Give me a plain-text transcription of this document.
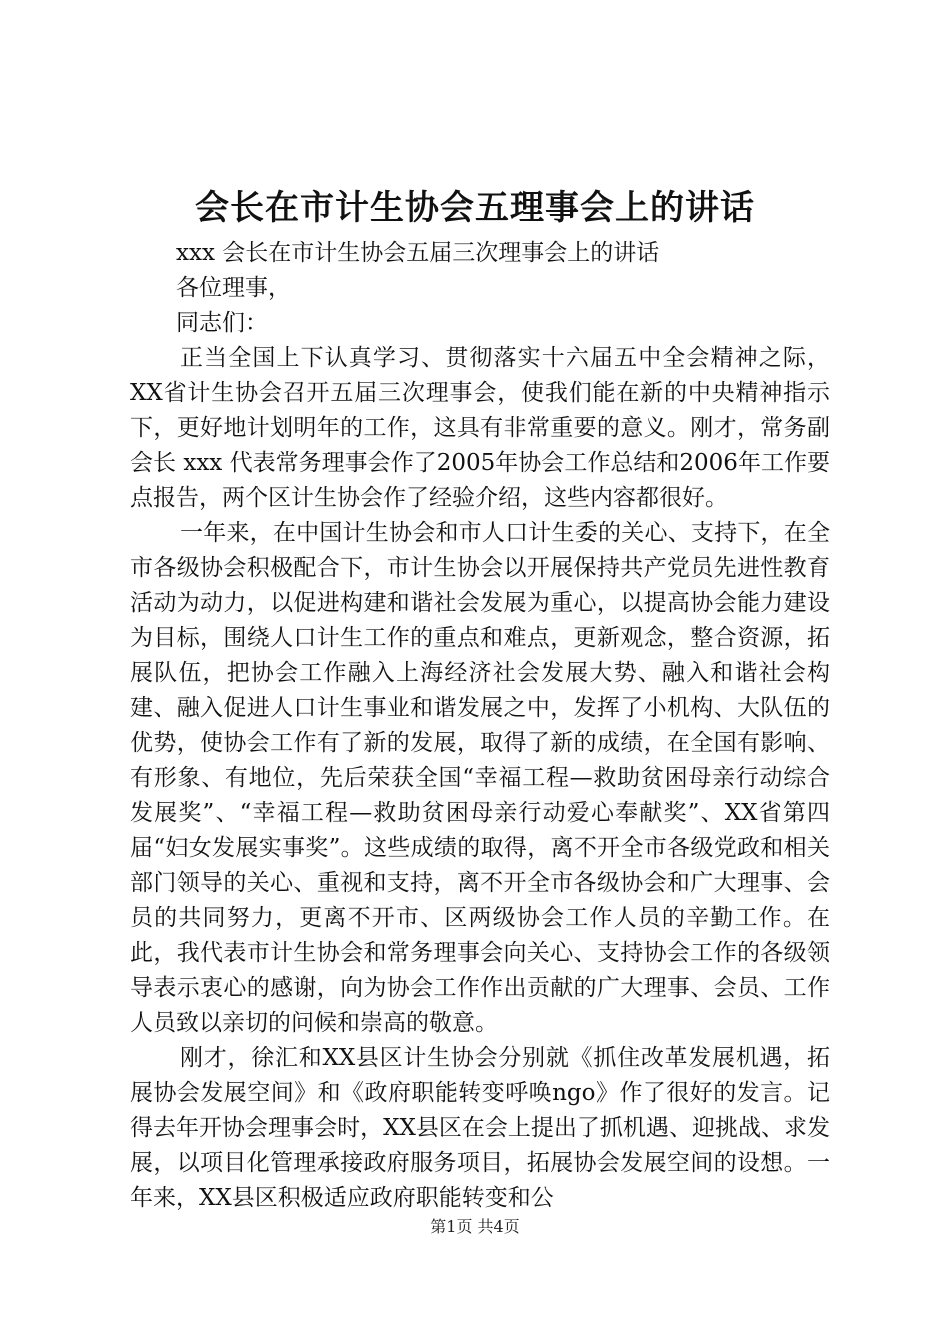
会长在市计生协会五理事会上的讲话

xxx 会长在市计生协会五届三次理事会上的讲话

各位理事，

同志们：

正当全国上下认真学习、贯彻落实十六届五中全会精神之际，XX省计生协会召开五届三次理事会，使我们能在新的中央精神指示下，更好地计划明年的工作，这具有非常重要的意义。刚才，常务副会长 xxx 代表常务理事会作了2005年协会工作总结和2006年工作要点报告，两个区计生协会作了经验介绍，这些内容都很好。

一年来，在中国计生协会和市人口计生委的关心、支持下，在全市各级协会积极配合下，市计生协会以开展保持共产党员先进性教育活动为动力，以促进构建和谐社会发展为重心，以提高协会能力建设为目标，围绕人口计生工作的重点和难点，更新观念，整合资源，拓展队伍，把协会工作融入上海经济社会发展大势、融入和谐社会构建、融入促进人口计生事业和谐发展之中，发挥了小机构、大队伍的优势，使协会工作有了新的发展，取得了新的成绩，在全国有影响、有形象、有地位，先后荣获全国“幸福工程—救助贫困母亲行动综合发展奖”、“幸福工程—救助贫困母亲行动爱心奉献奖”、XX省第四届“妇女发展实事奖”。这些成绩的取得，离不开全市各级党政和相关部门领导的关心、重视和支持，离不开全市各级协会和广大理事、会员的共同努力，更离不开市、区两级协会工作人员的辛勤工作。在此，我代表市计生协会和常务理事会向关心、支持协会工作的各级领导表示衷心的感谢，向为协会工作作出贡献的广大理事、会员、工作人员致以亲切的问候和崇高的敬意。

刚才，徐汇和XX县区计生协会分别就《抓住改革发展机遇，拓展协会发展空间》和《政府职能转变呼唤ngo》作了很好的发言。记得去年开协会理事会时，XX县区在会上提出了抓机遇、迎挑战、求发展，以项目化管理承接政府服务项目，拓展协会发展空间的设想。一年来，XX县区积极适应政府职能转变和公

第1页 共4页
